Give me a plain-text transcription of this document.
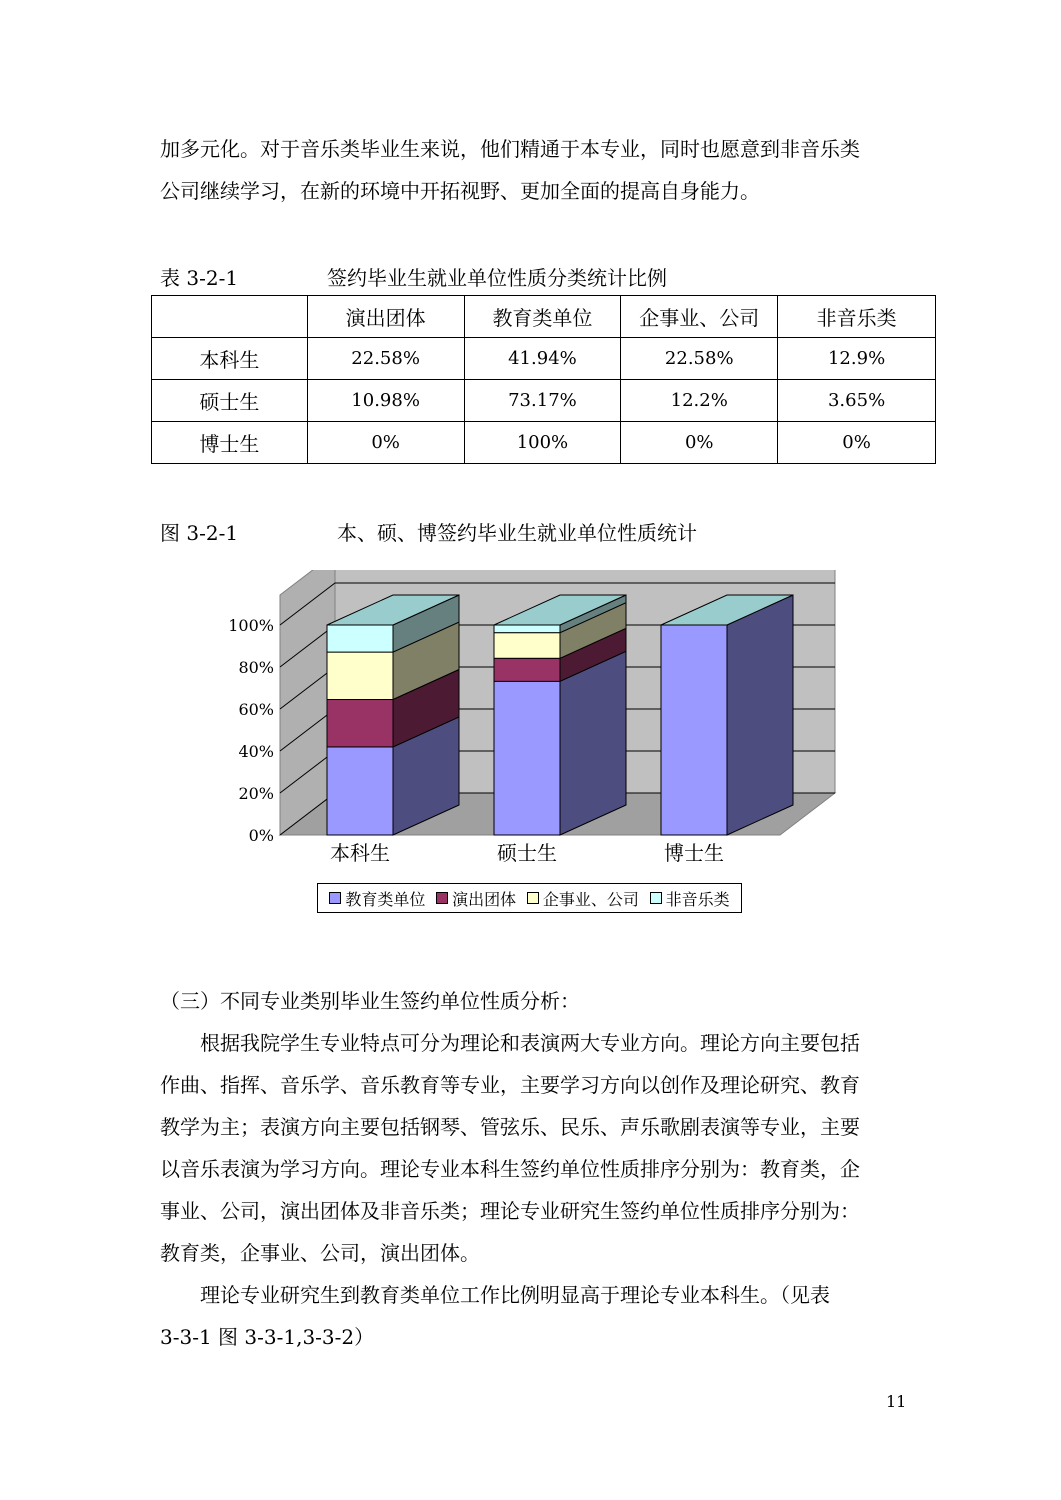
加多元化。对于音乐类毕业生来说，他们精通于本专业，同时也愿意到非音乐类
公司继续学习，在新的环境中开拓视野、更加全面的提高自身能力。
表 3-2-1	签约毕业生就业单位性质分类统计比例
	演出团体	教育类单位	企事业、公司	非音乐类
本科生	22.58%	41.94%	22.58%	12.9%
硕士生	10.98%	73.17%	12.2%	3.65%
博士生	0%	100%	0%	0%
图 3-2-1	本、硕、博签约毕业生就业单位性质统计
0%
20%
40%
60%
80%
100%
本科生	硕士生	博士生
教育类单位 演出团体 企事业、公司 非音乐类
（三）不同专业类别毕业生签约单位性质分析：
根据我院学生专业特点可分为理论和表演两大专业方向。理论方向主要包括
作曲、指挥、音乐学、音乐教育等专业，主要学习方向以创作及理论研究、教育
教学为主；表演方向主要包括钢琴、管弦乐、民乐、声乐歌剧表演等专业，主要
以音乐表演为学习方向。理论专业本科生签约单位性质排序分别为：教育类，企
事业、公司，演出团体及非音乐类；理论专业研究生签约单位性质排序分别为：
教育类，企事业、公司，演出团体。
理论专业研究生到教育类单位工作比例明显高于理论专业本科生。（见表
3-3-1 图 3-3-1,3-3-2）
11
